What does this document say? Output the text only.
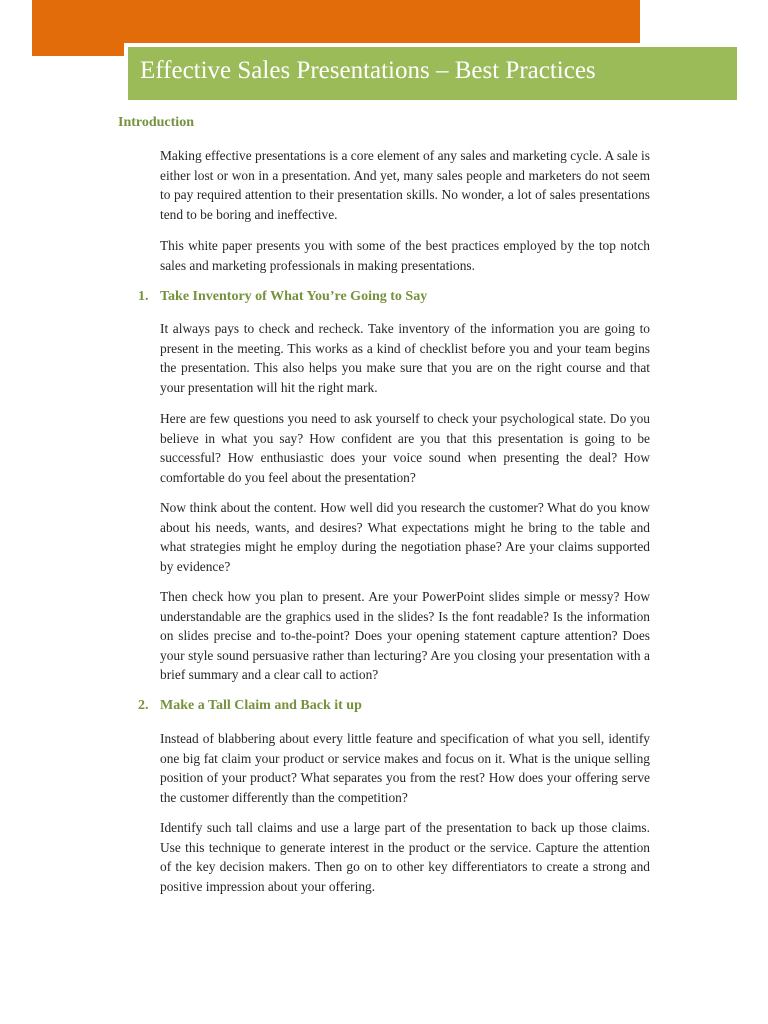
Effective Sales Presentations – Best Practices
Introduction

Making effective presentations is a core element of any sales and marketing cycle. A sale is either lost or won in a presentation. And yet, many sales people and marketers do not seem to pay required attention to their presentation skills. No wonder, a lot of sales presentations tend to be boring and ineffective.

This white paper presents you with some of the best practices employed by the top notch sales and marketing professionals in making presentations.

1. Take Inventory of What You’re Going to Say

It always pays to check and recheck. Take inventory of the information you are going to present in the meeting. This works as a kind of checklist before you and your team begins the presentation. This also helps you make sure that you are on the right course and that your presentation will hit the right mark.

Here are few questions you need to ask yourself to check your psychological state. Do you believe in what you say? How confident are you that this presentation is going to be successful? How enthusiastic does your voice sound when presenting the deal? How comfortable do you feel about the presentation?

Now think about the content. How well did you research the customer? What do you know about his needs, wants, and desires? What expectations might he bring to the table and what strategies might he employ during the negotiation phase? Are your claims supported by evidence?

Then check how you plan to present. Are your PowerPoint slides simple or messy? How understandable are the graphics used in the slides? Is the font readable? Is the information on slides precise and to-the-point? Does your opening statement capture attention? Does your style sound persuasive rather than lecturing? Are you closing your presentation with a brief summary and a clear call to action?

2. Make a Tall Claim and Back it up

Instead of blabbering about every little feature and specification of what you sell, identify one big fat claim your product or service makes and focus on it. What is the unique selling position of your product? What separates you from the rest? How does your offering serve the customer differently than the competition?

Identify such tall claims and use a large part of the presentation to back up those claims. Use this technique to generate interest in the product or the service. Capture the attention of the key decision makers. Then go on to other key differentiators to create a strong and positive impression about your offering.
